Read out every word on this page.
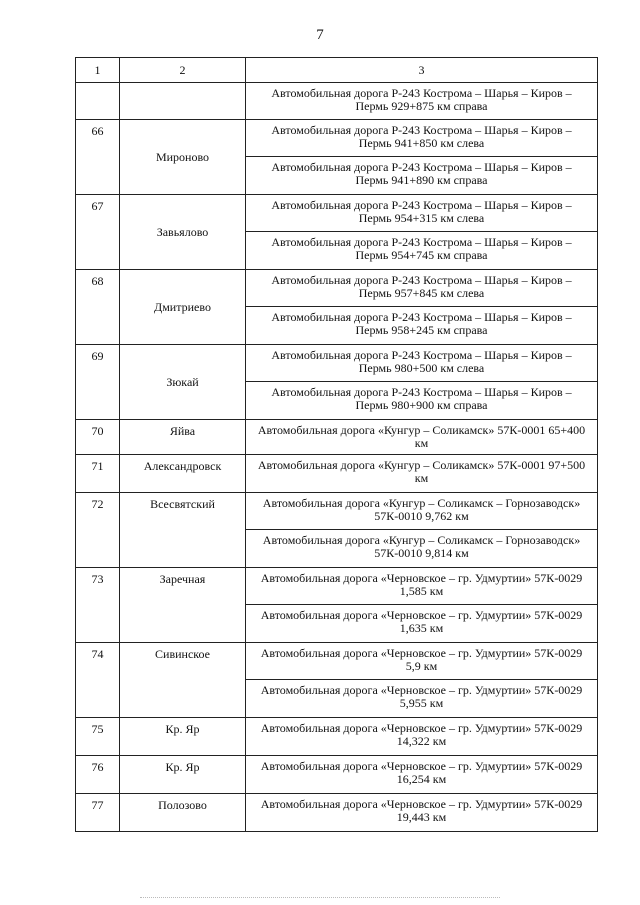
7
1	2	3
		Автомобильная дорога Р-243 Кострома – Шарья – Киров – Пермь 929+875 км справа
66	Мироново	Автомобильная дорога Р-243 Кострома – Шарья – Киров – Пермь 941+850 км слева
		Автомобильная дорога Р-243 Кострома – Шарья – Киров – Пермь 941+890 км справа
67	Завьялово	Автомобильная дорога Р-243 Кострома – Шарья – Киров – Пермь 954+315 км слева
		Автомобильная дорога Р-243 Кострома – Шарья – Киров – Пермь 954+745 км справа
68	Дмитриево	Автомобильная дорога Р-243 Кострома – Шарья – Киров – Пермь 957+845 км слева
		Автомобильная дорога Р-243 Кострома – Шарья – Киров – Пермь 958+245 км справа
69	Зюкай	Автомобильная дорога Р-243 Кострома – Шарья – Киров – Пермь 980+500 км слева
		Автомобильная дорога Р-243 Кострома – Шарья – Киров – Пермь 980+900 км справа
70	Яйва	Автомобильная дорога «Кунгур – Соликамск» 57К-0001 65+400 км
71	Александровск	Автомобильная дорога «Кунгур – Соликамск» 57К-0001 97+500 км
72	Всесвятский	Автомобильная дорога «Кунгур – Соликамск – Горнозаводск» 57К-0010 9,762 км
		Автомобильная дорога «Кунгур – Соликамск – Горнозаводск» 57К-0010 9,814 км
73	Заречная	Автомобильная дорога «Черновское – гр. Удмуртии» 57К-0029 1,585 км
		Автомобильная дорога «Черновское – гр. Удмуртии» 57К-0029 1,635 км
74	Сивинское	Автомобильная дорога «Черновское – гр. Удмуртии» 57К-0029 5,9 км
		Автомобильная дорога «Черновское – гр. Удмуртии» 57К-0029 5,955 км
75	Кр. Яр	Автомобильная дорога «Черновское – гр. Удмуртии» 57К-0029 14,322 км
76	Кр. Яр	Автомобильная дорога «Черновское – гр. Удмуртии» 57К-0029 16,254 км
77	Полозово	Автомобильная дорога «Черновское – гр. Удмуртии» 57К-0029 19,443 км
